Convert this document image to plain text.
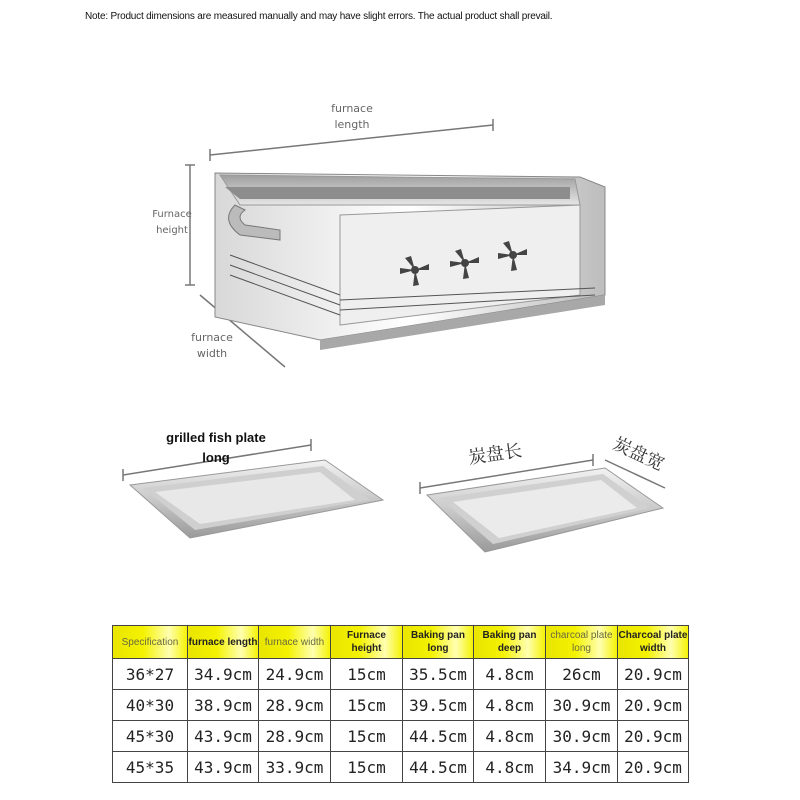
Note: Product dimensions are measured manually and may have slight errors. The actual product shall prevail.
furnace
length
Furnace
height
furnace
width
grilled fish plate long	炭盘长	炭盘宽
Specification	furnace length	furnace width	Furnace height	Baking pan long	Baking pan deep	charcoal plate long	Charcoal plate width
36*27	34.9cm	24.9cm	15cm	35.5cm	4.8cm	26cm	20.9cm
40*30	38.9cm	28.9cm	15cm	39.5cm	4.8cm	30.9cm	20.9cm
45*30	43.9cm	28.9cm	15cm	44.5cm	4.8cm	30.9cm	20.9cm
45*35	43.9cm	33.9cm	15cm	44.5cm	4.8cm	34.9cm	20.9cm
